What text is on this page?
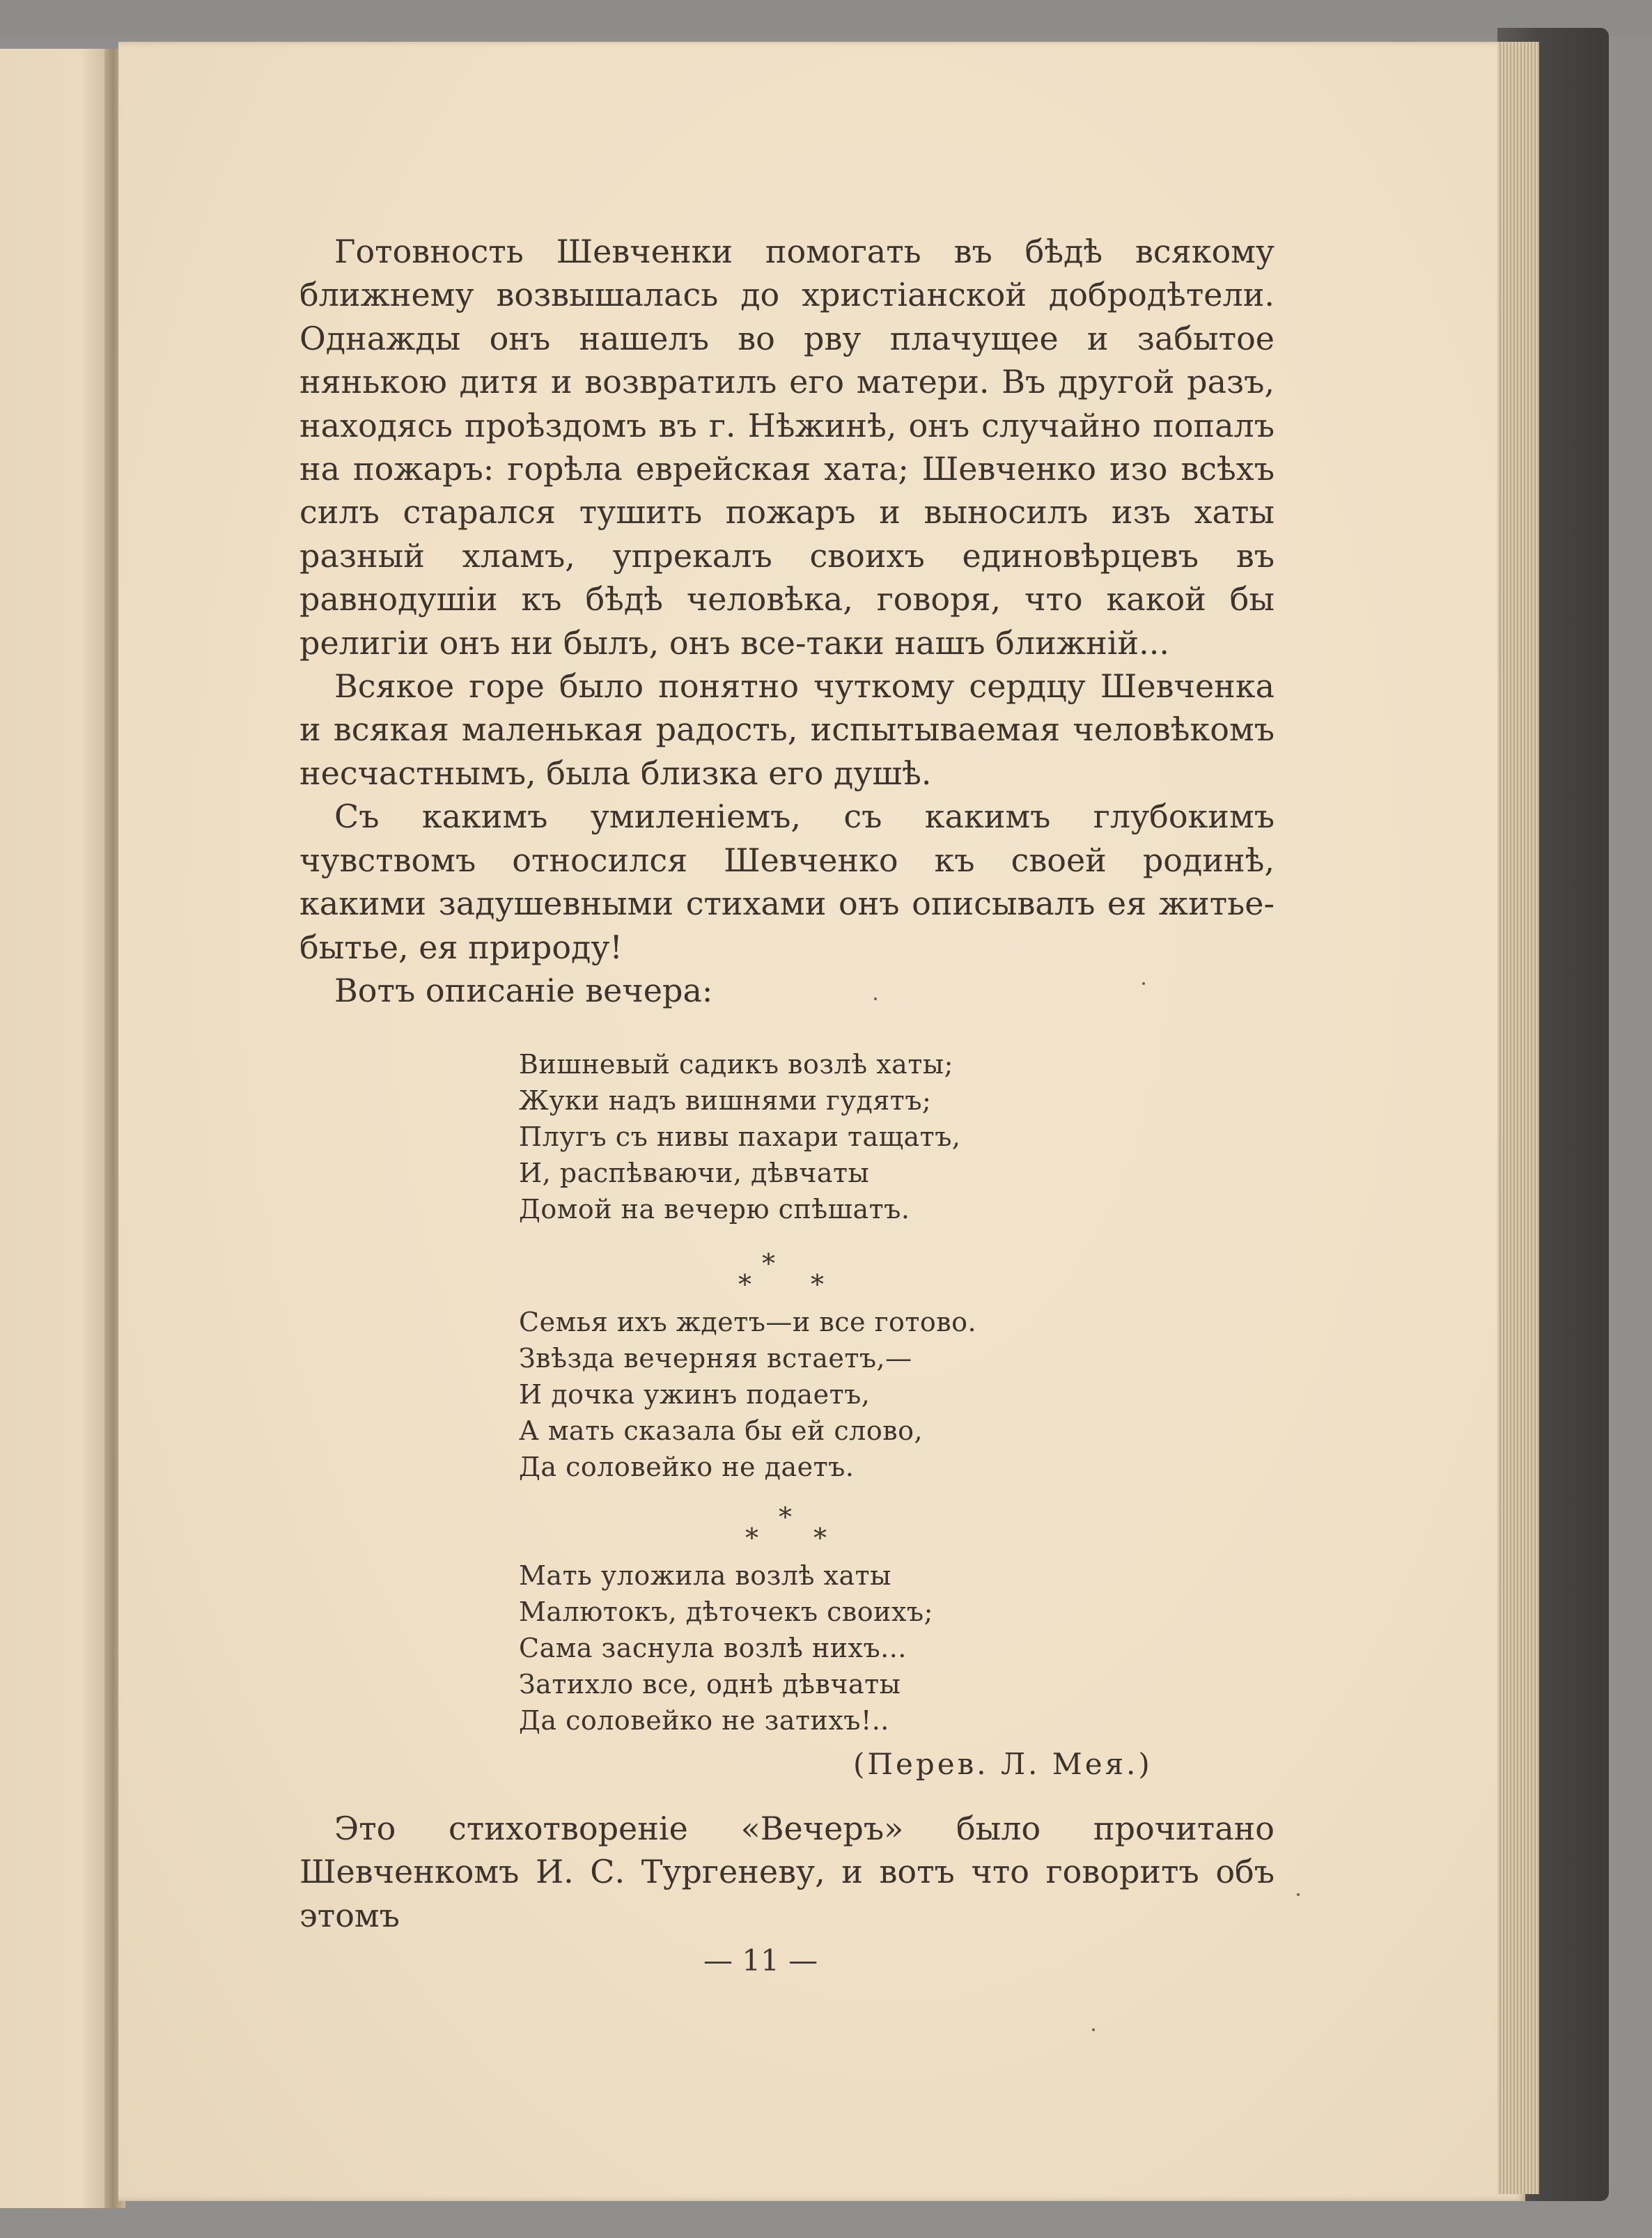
Готовность Шевченки помогать въ бѣдѣ всякому ближнему возвышалась до христіанской добродѣтели. Однажды онъ нашелъ во рву плачущее и забытое нянькою дитя и возвратилъ его матери. Въ другой разъ, находясь проѣздомъ въ г. Нѣжинѣ, онъ случайно попалъ на пожаръ: горѣла еврейская хата; Шевченко изо всѣхъ силъ старался тушить пожаръ и выносилъ изъ хаты разный хламъ, упрекалъ своихъ единовѣрцевъ въ равнодушіи къ бѣдѣ человѣка, говоря, что какой бы религіи онъ ни былъ, онъ все-таки нашъ ближній...

Всякое горе было понятно чуткому сердцу Шевченка и всякая маленькая радость, испытываемая человѣкомъ несчастнымъ, была близка его душѣ.

Съ какимъ умиленіемъ, съ какимъ глубокимъ чувствомъ относился Шевченко къ своей родинѣ, какими задушевными стихами онъ описывалъ ея житье-бытье, ея природу!

Вотъ описаніе вечера:

Вишневый садикъ возлѣ хаты;
Жуки надъ вишнями гудятъ;
Плугъ съ нивы пахари тащатъ,
И, распѣваючи, дѣвчаты
Домой на вечерю спѣшатъ.
*
* *
Семья ихъ ждетъ—и все готово.
Звѣзда вечерняя встаетъ,—
И дочка ужинъ подаетъ,
А мать сказала бы ей слово,
Да соловейко не даетъ.
*
* *
Мать уложила возлѣ хаты
Малютокъ, дѣточекъ своихъ;
Сама заснула возлѣ нихъ...
Затихло все, однѣ дѣвчаты
Да соловейко не затихъ!..
(Перев. Л. Мея.)

Это стихотвореніе «Вечеръ» было прочитано Шевченкомъ И. С. Тургеневу, и вотъ что говоритъ объ этомъ

— 11 —
